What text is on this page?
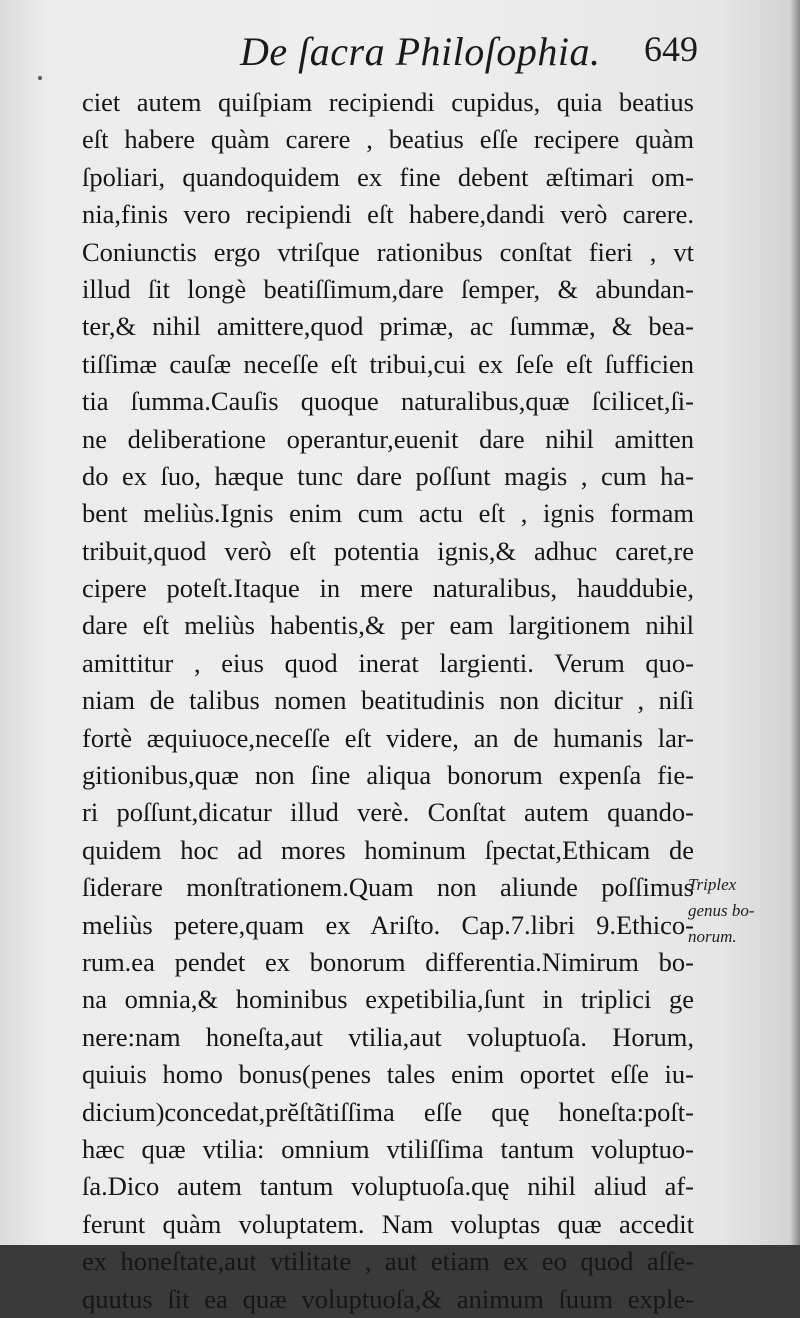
De ſacra Philoſophia. 649
ciet autem quiſpiam recipiendi cupidus, quia beatius
eſt habere quàm carere , beatius eſſe recipere quàm
ſpoliari, quandoquidem ex fine debent æſtimari om-
nia,finis vero recipiendi eſt habere,dandi verò carere.
Coniunctis ergo vtriſque rationibus conſtat fieri , vt
illud ſit longè beatiſſimum,dare ſemper, & abundan-
ter,& nihil amittere,quod primæ, ac ſummæ, & bea-
tiſſimæ cauſæ neceſſe eſt tribui,cui ex ſeſe eſt ſufficien
tia ſumma.Cauſis quoque naturalibus,quæ ſcilicet,ſi-
ne deliberatione operantur,euenit dare nihil amitten
do ex ſuo, hæque tunc dare poſſunt magis , cum ha-
bent meliùs.Ignis enim cum actu eſt , ignis formam
tribuit,quod verò eſt potentia ignis,& adhuc caret,re
cipere poteſt.Itaque in mere naturalibus, hauddubie,
dare eſt meliùs habentis,& per eam largitionem nihil
amittitur , eius quod inerat largienti. Verum quo-
niam de talibus nomen beatitudinis non dicitur , niſi
fortè æquiuoce,neceſſe eſt videre, an de humanis lar-
gitionibus,quæ non ſine aliqua bonorum expenſa fie-
ri poſſunt,dicatur illud verè. Conſtat autem quando-
quidem hoc ad mores hominum ſpectat,Ethicam de
ſiderare monſtrationem.Quam non aliunde poſſimus
meliùs petere,quam ex Ariſto. Cap.7.libri 9.Ethico-
rum.ea pendet ex bonorum differentia.Nimirum bo-
na omnia,& hominibus expetibilia,ſunt in triplici ge
nere:nam honeſta,aut vtilia,aut voluptuoſa. Horum,
quiuis homo bonus(penes tales enim oportet eſſe iu-
dicium)concedat,prĕſtãtiſſima eſſe quę honeſta:poſt-
hæc quæ vtilia: omnium vtiliſſima tantum voluptuo-
ſa.Dico autem tantum voluptuoſa.quę nihil aliud af-
ferunt quàm voluptatem. Nam voluptas quæ accedit
ex honeſtate,aut vtilitate , aut etiam ex eo quod aſſe-
quutus ſit ea quæ voluptuoſa,& animum ſuum exple-
Triplex
genus bo-
norum.
